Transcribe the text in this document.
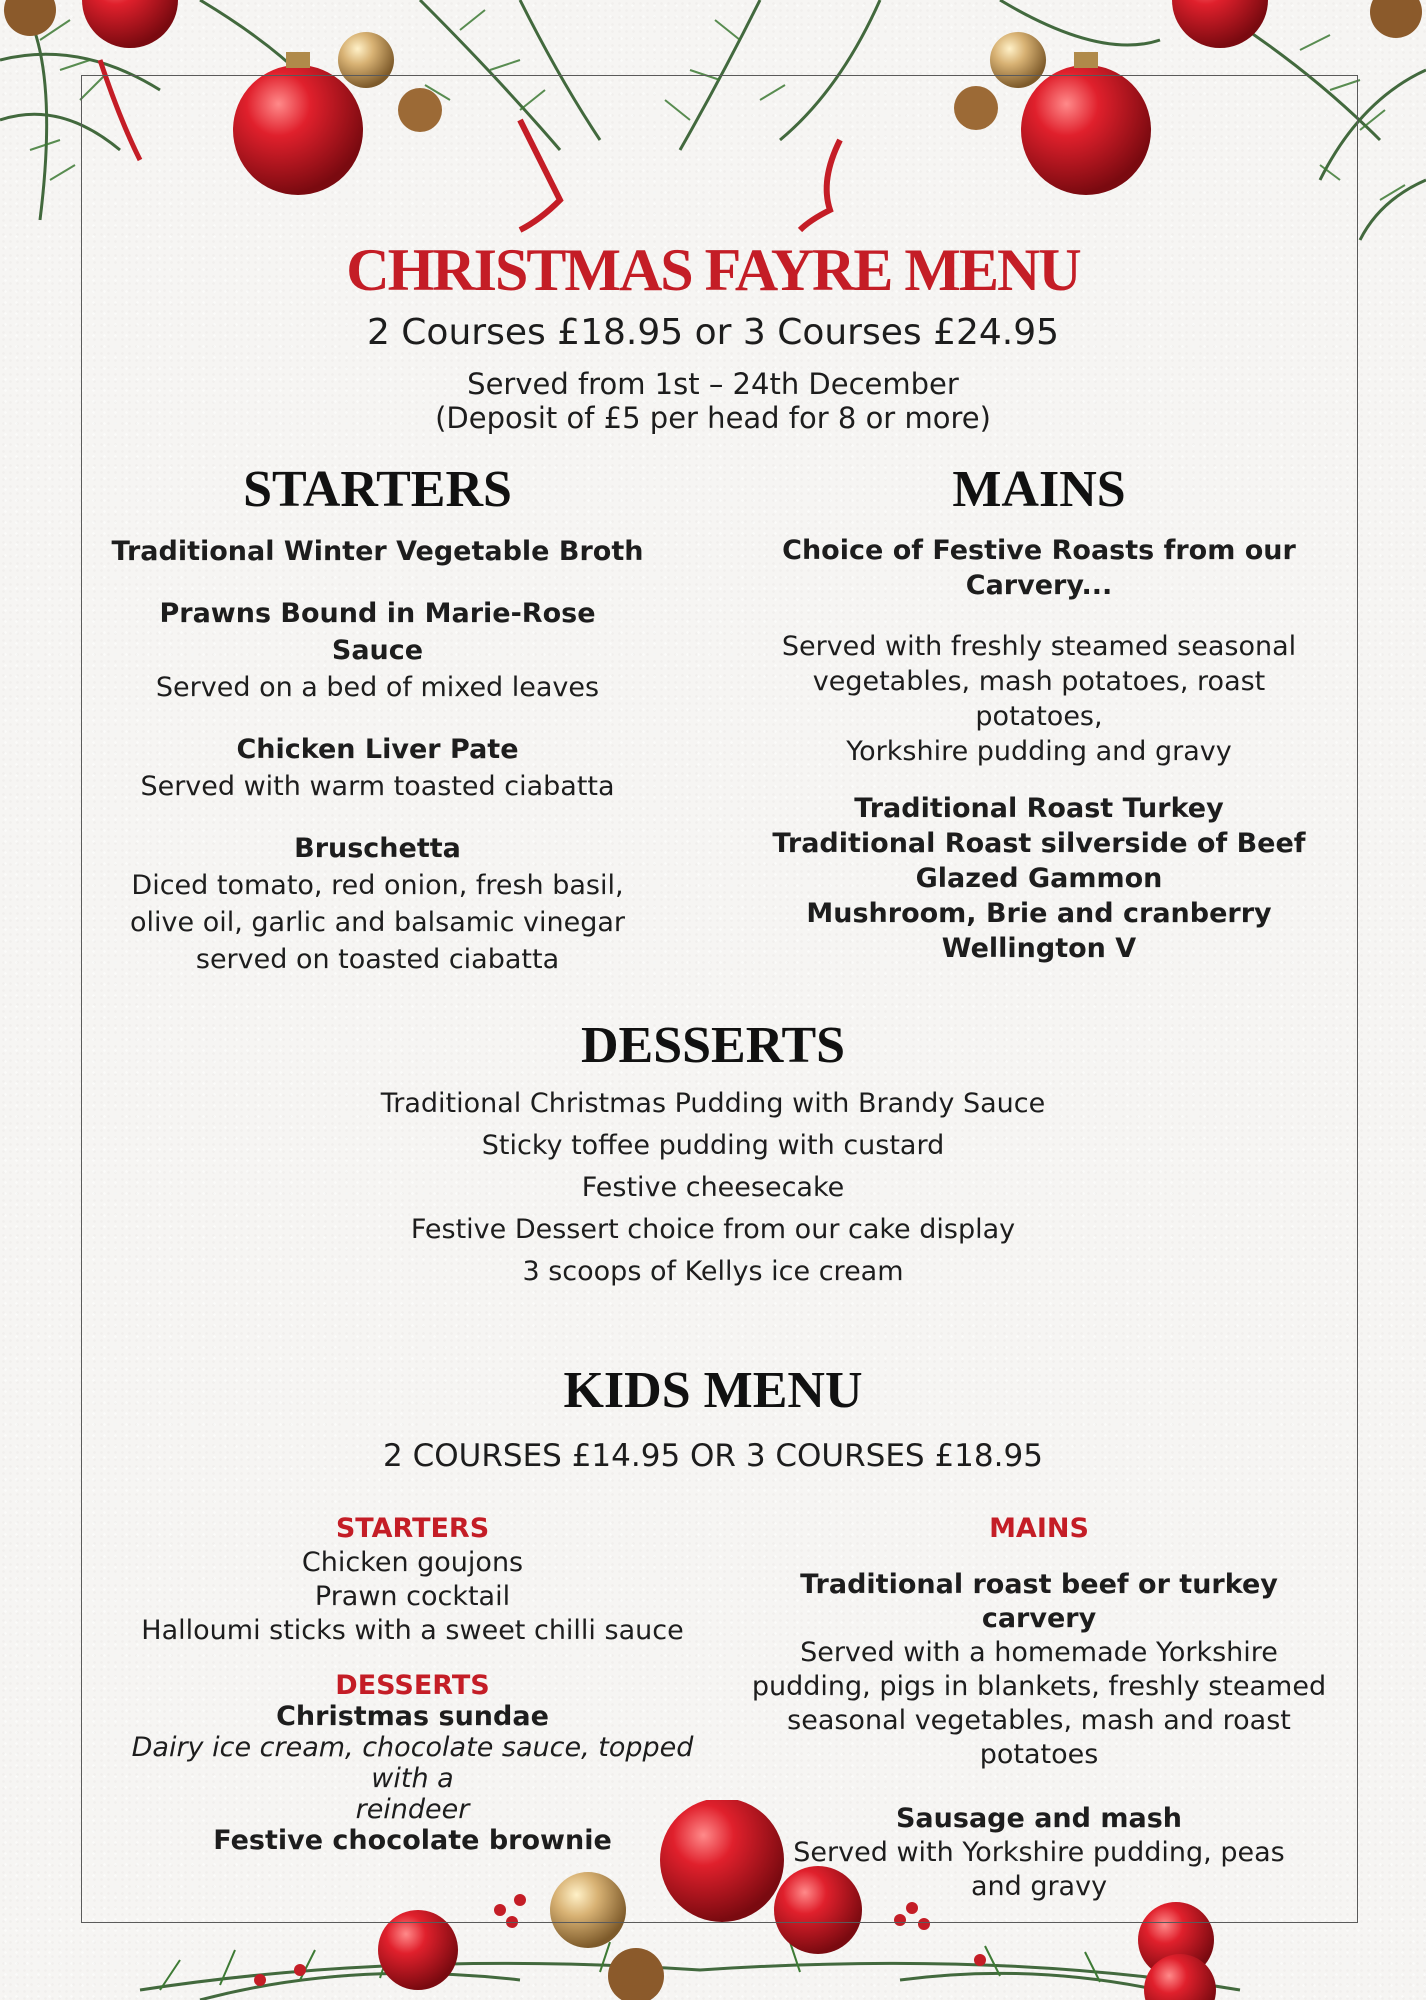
CHRISTMAS FAYRE MENU
2 Courses £18.95 or 3 Courses £24.95
Served from 1st – 24th December
(Deposit of £5 per head for 8 or more)
STARTERS

Traditional Winter Vegetable Broth

Prawns Bound in Marie-Rose Sauce

Served on a bed of mixed leaves

Chicken Liver Pate

Served with warm toasted ciabatta

Bruschetta

Diced tomato, red onion, fresh basil,

olive oil, garlic and balsamic vinegar

served on toasted ciabatta

MAINS

Choice of Festive Roasts from our

Carvery...

Served with freshly steamed seasonal

vegetables, mash potatoes, roast potatoes,

Yorkshire pudding and gravy

Traditional Roast Turkey

Traditional Roast silverside of Beef

Glazed Gammon

Mushroom, Brie and cranberry

Wellington V

DESSERTS
Traditional Christmas Pudding with Brandy Sauce
Sticky toffee pudding with custard
Festive cheesecake
Festive Dessert choice from our cake display
3 scoops of Kellys ice cream
KIDS MENU
2 COURSES £14.95 OR 3 COURSES £18.95

STARTERS

Chicken goujons

Prawn cocktail

Halloumi sticks with a sweet chilli sauce

DESSERTS

Christmas sundae

Dairy ice cream, chocolate sauce, topped with a

reindeer

Festive chocolate brownie

MAINS

Traditional roast beef or turkey carvery

Served with a homemade Yorkshire

pudding, pigs in blankets, freshly steamed

seasonal vegetables, mash and roast

potatoes

Sausage and mash

Served with Yorkshire pudding, peas

and gravy
